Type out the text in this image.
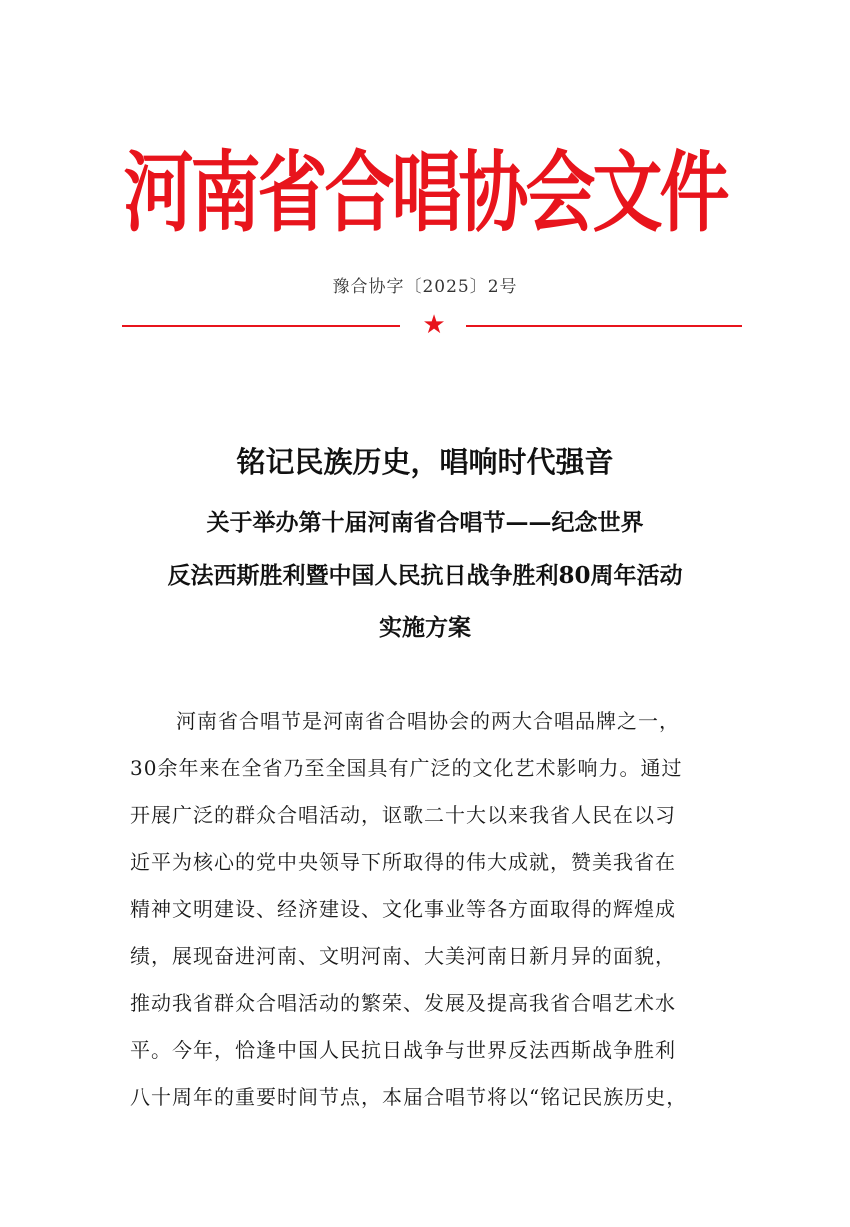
河南省合唱协会文件
豫合协字〔2025〕2号
★
铭记民族历史，唱响时代强音
关于举办第十届河南省合唱节——纪念世界
反法西斯胜利暨中国人民抗日战争胜利80周年活动
实施方案
河南省合唱节是河南省合唱协会的两大合唱品牌之一，
30余年来在全省乃至全国具有广泛的文化艺术影响力。通过
开展广泛的群众合唱活动，讴歌二十大以来我省人民在以习
近平为核心的党中央领导下所取得的伟大成就，赞美我省在
精神文明建设、经济建设、文化事业等各方面取得的辉煌成
绩，展现奋进河南、文明河南、大美河南日新月异的面貌，
推动我省群众合唱活动的繁荣、发展及提高我省合唱艺术水
平。今年，恰逢中国人民抗日战争与世界反法西斯战争胜利
八十周年的重要时间节点，本届合唱节将以“铭记民族历史，
